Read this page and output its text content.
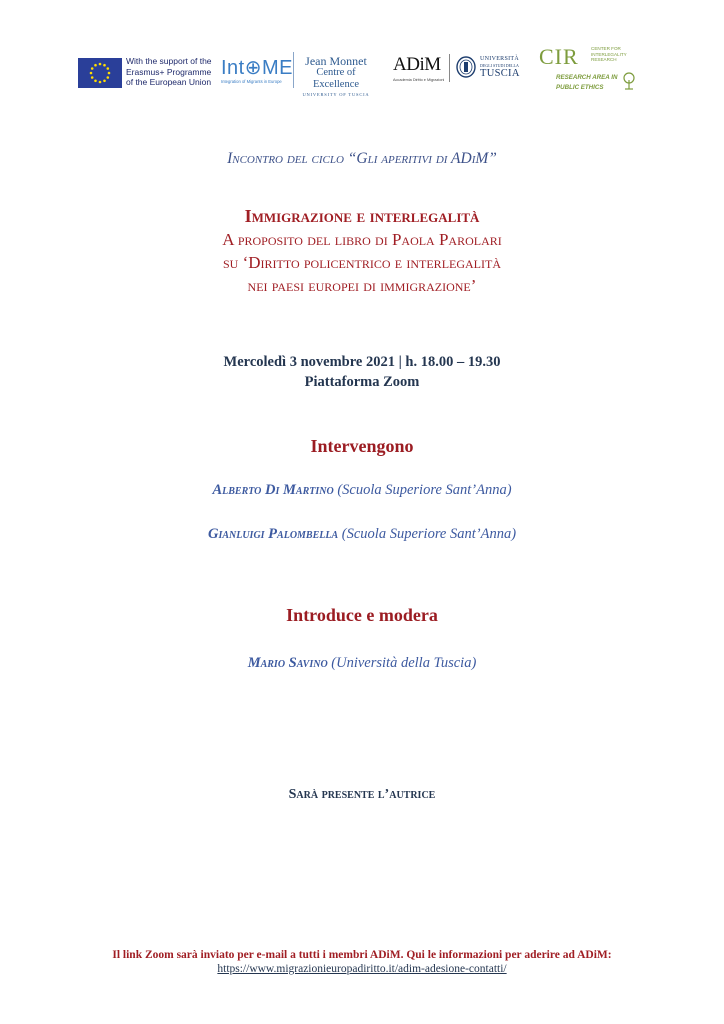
With the support of the
Erasmus+ Programme
of the European Union
Int⊕ME
Integration of Migrants in Europe
Jean Monnet
Centre of Excellence
UNIVERSITY OF TUSCIA
ADiM
Accademia Diritto e Migrazioni
UNIVERSITÀ
DEGLI STUDI DELLA
TUSCIA
CIR	CENTER FOR
INTERLEGALITY
RESEARCH
RESEARCH AREA IN
PUBLIC ETHICS
Incontro del ciclo “Gli aperitivi di ADiM”
Immigrazione e interlegalità
A proposito del libro di Paola Parolari
su ‘Diritto policentrico e interlegalità
nei paesi europei di immigrazione’
Mercoledì 3 novembre 2021 | h. 18.00 – 19.30
Piattaforma Zoom
Intervengono
Alberto Di Martino (Scuola Superiore Sant’Anna)
Gianluigi Palombella (Scuola Superiore Sant’Anna)
Introduce e modera
Mario Savino (Università della Tuscia)
Sarà presente l’autrice
Il link Zoom sarà inviato per e-mail a tutti i membri ADiM. Qui le informazioni per aderire ad ADiM:
https://www.migrazionieuropadiritto.it/adim-adesione-contatti/
